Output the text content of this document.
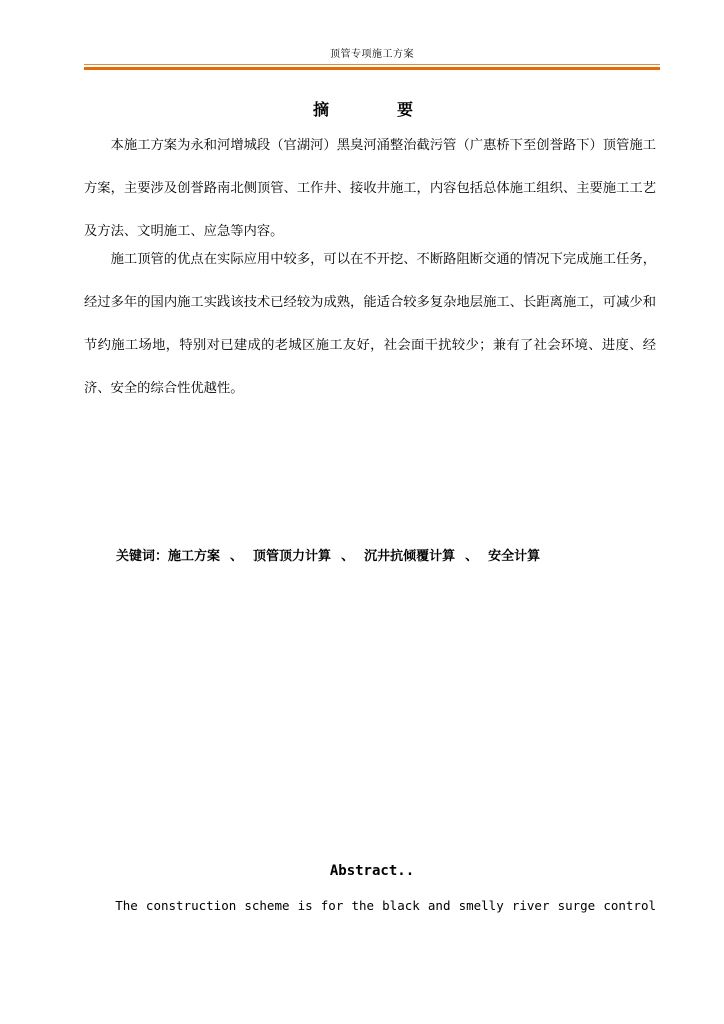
顶管专项施工方案
摘　要

本施工方案为永和河增城段（官湖河）黑臭河涌整治截污管（广惠桥下至创誉路下）顶管施工方案，主要涉及创誉路南北侧顶管、工作井、接收井施工，内容包括总体施工组织、主要施工工艺及方法、文明施工、应急等内容。

施工顶管的优点在实际应用中较多，可以在不开挖、不断路阻断交通的情况下完成施工任务，经过多年的国内施工实践该技术已经较为成熟，能适合较多复杂地层施工、长距离施工，可减少和节约施工场地，特别对已建成的老城区施工友好，社会面干扰较少；兼有了社会环境、进度、经济、安全的综合性优越性。

关键词：施工方案 、 顶管顶力计算 、 沉井抗倾覆计算 、 安全计算
Abstract..
The construction scheme is for the black and smelly river surge control
